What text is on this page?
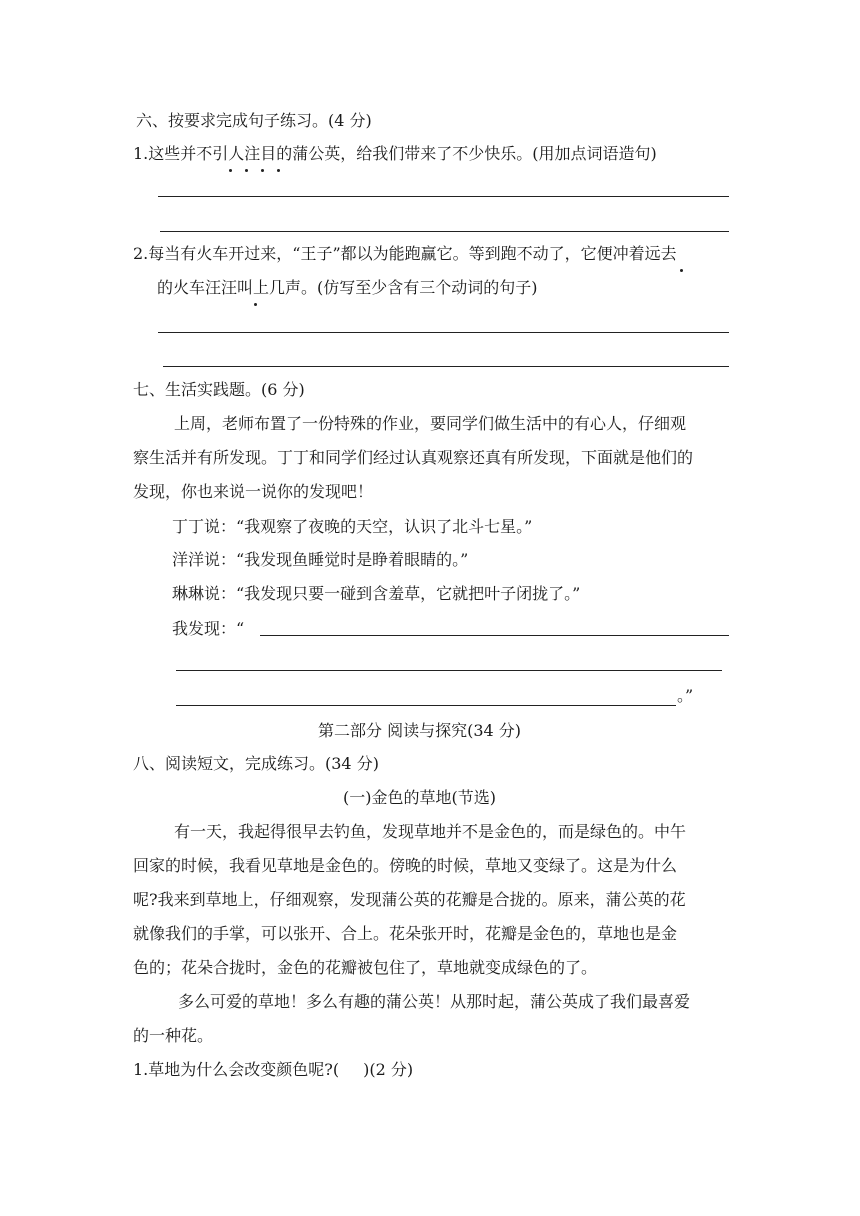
六、按要求完成句子练习。(4 分)
1.这些并不引人注目的蒲公英，给我们带来了不少快乐。(用加点词语造句)
2.每当有火车开过来，“王子”都以为能跑赢它。等到跑不动了，它便冲着远去
的火车汪汪叫上几声。(仿写至少含有三个动词的句子)
七、生活实践题。(6 分)
上周，老师布置了一份特殊的作业，要同学们做生活中的有心人，仔细观
察生活并有所发现。丁丁和同学们经过认真观察还真有所发现，下面就是他们的
发现，你也来说一说你的发现吧！
丁丁说：“我观察了夜晚的天空，认识了北斗七星。”
洋洋说：“我发现鱼睡觉时是睁着眼睛的。”
琳琳说：“我发现只要一碰到含羞草，它就把叶子闭拢了。”
我发现：“
。”
第二部分 阅读与探究(34 分)
八、阅读短文，完成练习。(34 分)
(一)金色的草地(节选)
有一天，我起得很早去钓鱼，发现草地并不是金色的，而是绿色的。中午
回家的时候，我看见草地是金色的。傍晚的时候，草地又变绿了。这是为什么
呢?我来到草地上，仔细观察，发现蒲公英的花瓣是合拢的。原来，蒲公英的花
就像我们的手掌，可以张开、合上。花朵张开时，花瓣是金色的，草地也是金
色的；花朵合拢时，金色的花瓣被包住了，草地就变成绿色的了。
多么可爱的草地！多么有趣的蒲公英！从那时起，蒲公英成了我们最喜爱
的一种花。
1.草地为什么会改变颜色呢?( )(2 分)
